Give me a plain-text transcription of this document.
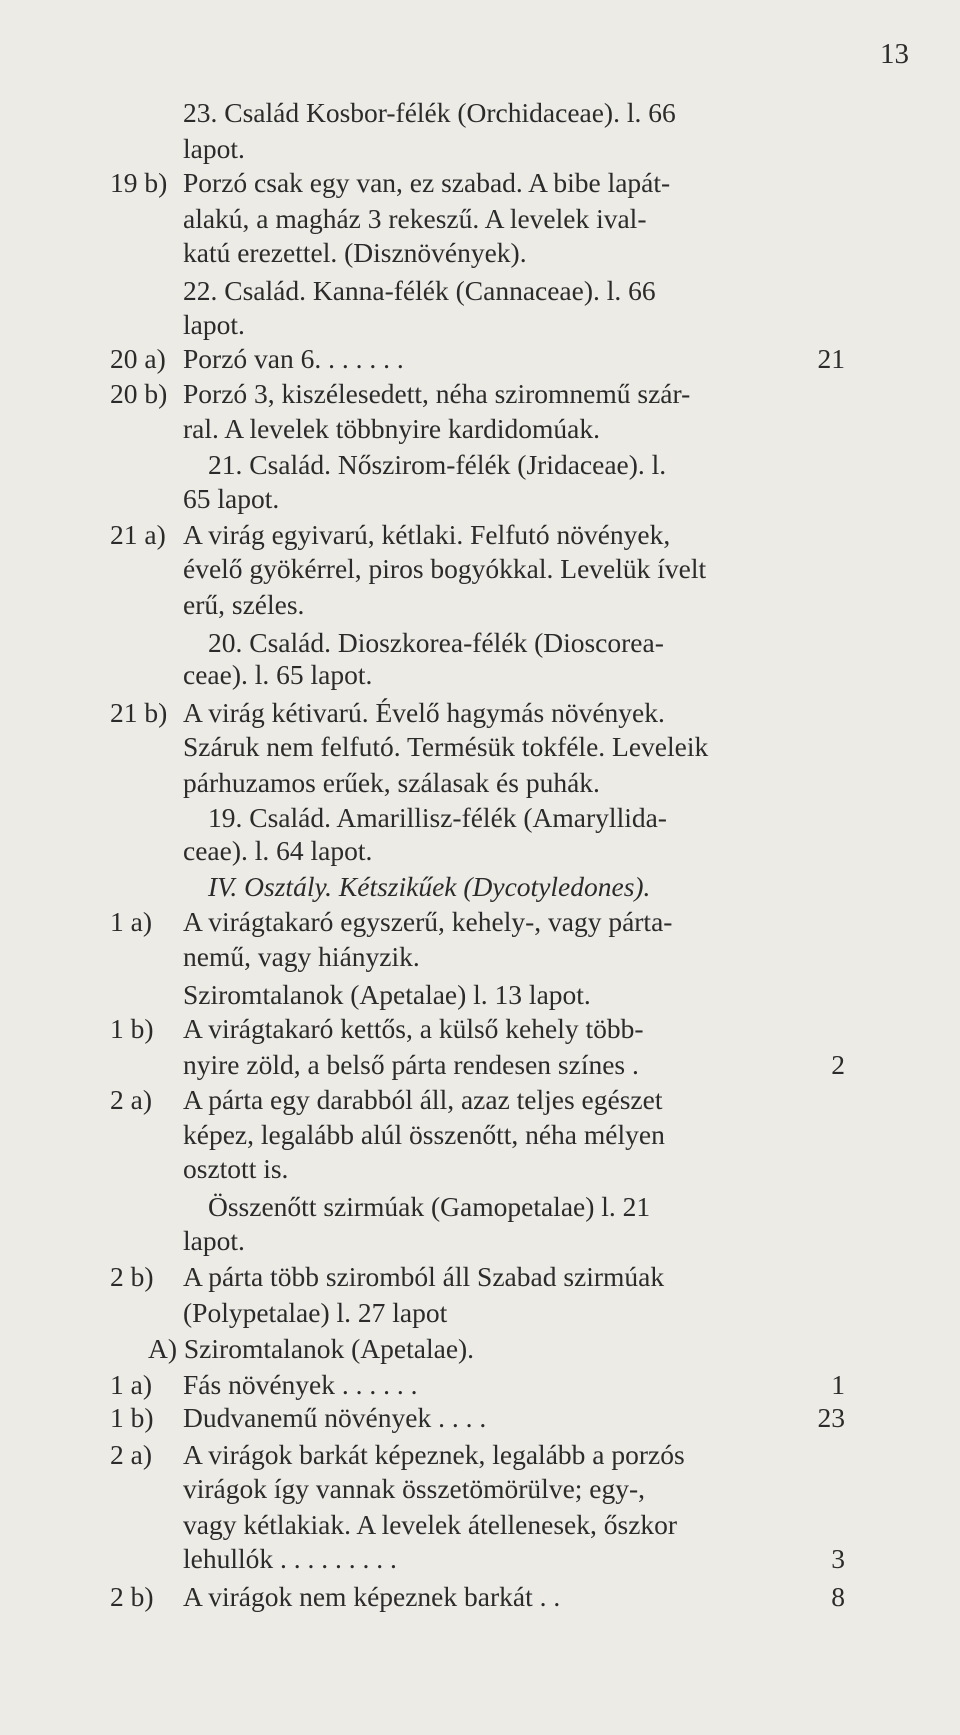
13
23. Család Kosbor-félék (Orchidaceae). l. 66
lapot.
19 b) Porzó csak egy van, ez szabad. A bibe lapát-
alakú, a magház 3 rekeszű. A levelek ival-
katú erezettel. (Disznövények).
22. Család. Kanna-félék (Cannaceae). l. 66
lapot.
20 a) Porzó van 6. . . . . . .	21
20 b) Porzó 3, kiszélesedett, néha sziromnemű szár-
ral. A levelek többnyire kardidomúak.
21. Család. Nőszirom-félék (Jridaceae). l.
65 lapot.
21 a) A virág egyivarú, kétlaki. Felfutó növények,
évelő gyökérrel, piros bogyókkal. Levelük ívelt
erű, széles.
20. Család. Dioszkorea-félék (Dioscorea-
ceae). l. 65 lapot.
21 b) A virág kétivarú. Évelő hagymás növények.
Száruk nem felfutó. Termésük tokféle. Leveleik
párhuzamos erűek, szálasak és puhák.
19. Család. Amarillisz-félék (Amaryllida-
ceae). l. 64 lapot.
IV. Osztály. Kétszikűek (Dycotyledones).
1 a) A virágtakaró egyszerű, kehely-, vagy párta-
nemű, vagy hiányzik.
Sziromtalanok (Apetalae) l. 13 lapot.
1 b) A virágtakaró kettős, a külső kehely több-
nyire zöld, a belső párta rendesen színes .	2
2 a) A párta egy darabból áll, azaz teljes egészet
képez, legalább alúl összenőtt, néha mélyen
osztott is.
Összenőtt szirmúak (Gamopetalae) l. 21
lapot.
2 b) A párta több sziromból áll Szabad szirmúak
(Polypetalae) l. 27 lapot
A) Sziromtalanok (Apetalae).
1 a) Fás növények . . . . . .	1
1 b) Dudvanemű növények . . . .	23
2 a) A virágok barkát képeznek, legalább a porzós
virágok így vannak összetömörülve; egy-,
vagy kétlakiak. A levelek átellenesek, őszkor
lehullók . . . . . . . . .	3
2 b) A virágok nem képeznek barkát . .	8
